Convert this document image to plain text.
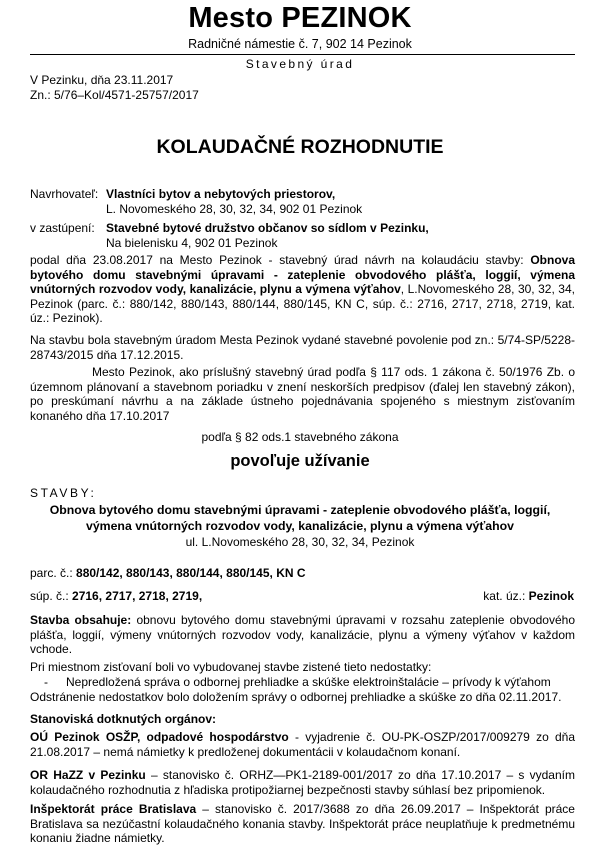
Mesto PEZINOK
Radničné námestie č. 7, 902 14 Pezinok
Stavebný úrad
V Pezinku, dňa 23.11.2017
Zn.: 5/76–Kol/4571-25757/2017
KOLAUDAČNÉ ROZHODNUTIE
Navrhovateľ: Vlastníci bytov a nebytových priestorov,
L. Novomeského 28, 30, 32, 34, 902 01 Pezinok
v zastúpení: Stavebné bytové družstvo občanov so sídlom v Pezinku,
Na bielenisku 4, 902 01 Pezinok
podal dňa 23.08.2017 na Mesto Pezinok - stavebný úrad návrh na kolaudáciu stavby: Obnova bytového domu stavebnými úpravami - zateplenie obvodového plášťa, loggií, výmena vnútorných rozvodov vody, kanalizácie, plynu a výmena výťahov, L.Novomeského 28, 30, 32, 34, Pezinok (parc. č.: 880/142, 880/143, 880/144, 880/145, KN C, súp. č.: 2716, 2717, 2718, 2719, kat. úz.: Pezinok).
Na stavbu bola stavebným úradom Mesta Pezinok vydané stavebné povolenie pod zn.: 5/74-SP/5228-28743/2015 dňa 17.12.2015.
Mesto Pezinok, ako príslušný stavebný úrad podľa § 117 ods. 1 zákona č. 50/1976 Zb. o územnom plánovaní a stavebnom poriadku v znení neskorších predpisov (ďalej len stavebný zákon), po preskúmaní návrhu a na základe ústneho pojednávania spojeného s miestnym zisťovaním konaného dňa 17.10.2017
podľa § 82 ods.1 stavebného zákona
povoľuje užívanie
STAVBY:
Obnova bytového domu stavebnými úpravami - zateplenie obvodového plášťa, loggií,
výmena vnútorných rozvodov vody, kanalizácie, plynu a výmena výťahov
ul. L.Novomeského 28, 30, 32, 34, Pezinok
parc. č.: 880/142, 880/143, 880/144, 880/145, KN C
súp. č.: 2716, 2717, 2718, 2719,	kat. úz.: Pezinok
Stavba obsahuje: obnovu bytového domu stavebnými úpravami v rozsahu zateplenie obvodového plášťa, loggií, výmeny vnútorných rozvodov vody, kanalizácie, plynu a výmeny výťahov v každom vchode.
Pri miestnom zisťovaní boli vo vybudovanej stavbe zistené tieto nedostatky:
- Nepredložená správa o odbornej prehliadke a skúške elektroinštalácie – prívody k výťahom
Odstránenie nedostatkov bolo doložením správy o odbornej prehliadke a skúške zo dňa 02.11.2017.
Stanoviská dotknutých orgánov:
OÚ Pezinok OSŽP, odpadové hospodárstvo - vyjadrenie č. OU-PK-OSZP/2017/009279 zo dňa 21.08.2017 – nemá námietky k predloženej dokumentácii v kolaudačnom konaní.
OR HaZZ v Pezinku – stanovisko č. ORHZ—PK1-2189-001/2017 zo dňa 17.10.2017 – s vydaním kolaudačného rozhodnutia z hľadiska protipožiarnej bezpečnosti stavby súhlasí bez pripomienok.
Inšpektorát práce Bratislava – stanovisko č. 2017/3688 zo dňa 26.09.2017 – Inšpektorát práce Bratislava sa nezúčastní kolaudačného konania stavby. Inšpektorát práce neuplatňuje k predmetnému konaniu žiadne námietky.
